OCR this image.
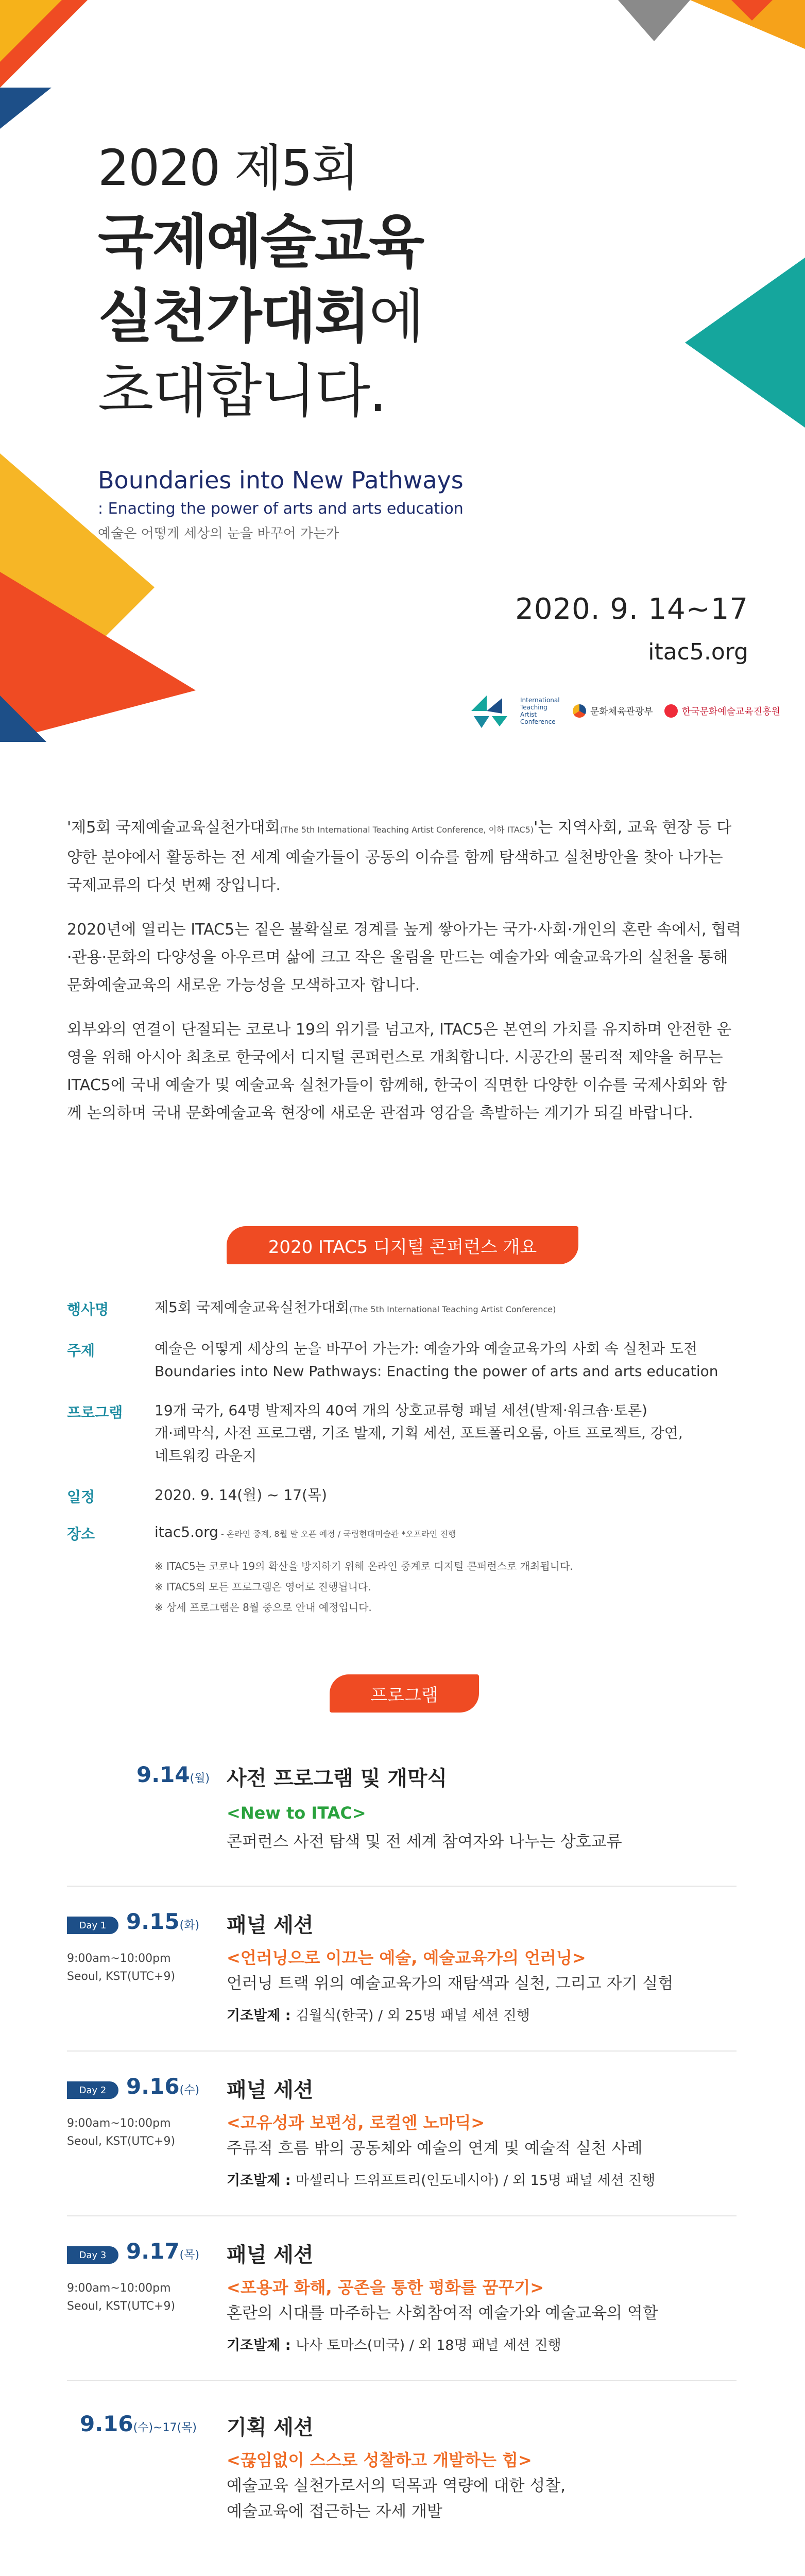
2020 제5회
국제예술교육
실천가대회에
초대합니다.
Boundaries into New Pathways
: Enacting the power of arts and arts education
예술은 어떻게 세상의 눈을 바꾸어 가는가
2020. 9. 14~17
itac5.org
International Teaching Artist Conference
문화체육관광부	한국문화예술교육진흥원

'제5회 국제예술교육실천가대회(The 5th International Teaching Artist Conference, 이하 ITAC5)'는 지역사회, 교육 현장 등 다양한 분야에서 활동하는 전 세계 예술가들이 공동의 이슈를 함께 탐색하고 실천방안을 찾아 나가는 국제교류의 다섯 번째 장입니다.

2020년에 열리는 ITAC5는 짙은 불확실로 경계를 높게 쌓아가는 국가·사회·개인의 혼란 속에서, 협력·관용·문화의 다양성을 아우르며 삶에 크고 작은 울림을 만드는 예술가와 예술교육가의 실천을 통해 문화예술교육의 새로운 가능성을 모색하고자 합니다.

외부와의 연결이 단절되는 코로나 19의 위기를 넘고자, ITAC5은 본연의 가치를 유지하며 안전한 운영을 위해 아시아 최초로 한국에서 디지털 콘퍼런스로 개최합니다. 시공간의 물리적 제약을 허무는 ITAC5에 국내 예술가 및 예술교육 실천가들이 함께해, 한국이 직면한 다양한 이슈를 국제사회와 함께 논의하며 국내 문화예술교육 현장에 새로운 관점과 영감을 촉발하는 계기가 되길 바랍니다.

2020 ITAC5 디지털 콘퍼런스 개요
행사명	제5회 국제예술교육실천가대회(The 5th International Teaching Artist Conference)
주제	예술은 어떻게 세상의 눈을 바꾸어 가는가: 예술가와 예술교육가의 사회 속 실천과 도전
Boundaries into New Pathways: Enacting the power of arts and arts education
프로그램 19개 국가, 64명 발제자의 40여 개의 상호교류형 패널 세션(발제·워크숍·토론)
개·폐막식, 사전 프로그램, 기조 발제, 기획 세션, 포트폴리오룸, 아트 프로젝트, 강연,
네트워킹 라운지
일정	2020. 9. 14(월) ~ 17(목)
장소	itac5.org - 온라인 중계, 8월 말 오픈 예정 / 국립현대미술관 *오프라인 진행
※ ITAC5는 코로나 19의 확산을 방지하기 위해 온라인 중계로 디지털 콘퍼런스로 개최됩니다.
※ ITAC5의 모든 프로그램은 영어로 진행됩니다.
※ 상세 프로그램은 8월 중으로 안내 예정입니다.
프로그램
9.14(월) 사전 프로그램 및 개막식
<New to ITAC>
콘퍼런스 사전 탐색 및 전 세계 참여자와 나누는 상호교류
Day 1 9.15(화)
9:00am~10:00pm
Seoul, KST(UTC+9)
패널 세션
<언러닝으로 이끄는 예술, 예술교육가의 언러닝>
언러닝 트랙 위의 예술교육가의 재탐색과 실천, 그리고 자기 실험
기조발제 : 김월식(한국) / 외 25명 패널 세션 진행
Day 2 9.16(수)
9:00am~10:00pm
Seoul, KST(UTC+9)
패널 세션
<고유성과 보편성, 로컬엔 노마딕>
주류적 흐름 밖의 공동체와 예술의 연계 및 예술적 실천 사례
기조발제 : 마셀리나 드위프트리(인도네시아) / 외 15명 패널 세션 진행
Day 3 9.17(목)
9:00am~10:00pm
Seoul, KST(UTC+9)
패널 세션
<포용과 화해, 공존을 통한 평화를 꿈꾸기>
혼란의 시대를 마주하는 사회참여적 예술가와 예술교육의 역할
기조발제 : 나사 토마스(미국) / 외 18명 패널 세션 진행
9.16(수)~17(목) 기획 세션
<끊임없이 스스로 성찰하고 개발하는 힘>
예술교육 실천가로서의 덕목과 역량에 대한 성찰,
예술교육에 접근하는 자세 개발
